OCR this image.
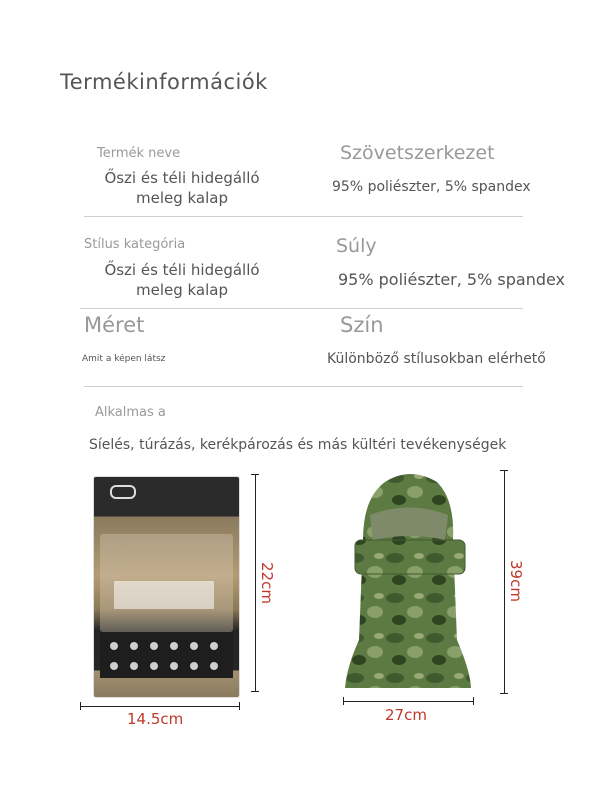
Termékinformációk
Termék neve
Őszi és téli hidegálló meleg kalap
Szövetszerkezet
95% poliészter, 5% spandex
Stílus kategória
Őszi és téli hidegálló meleg kalap
Súly
95% poliészter, 5% spandex
Méret
Amit a képen látsz
Szín
Különböző stílusokban elérhető
Alkalmas a
Síelés, túrázás, kerékpározás és más kültéri tevékenységek
22cm
14.5cm
39cm
27cm
